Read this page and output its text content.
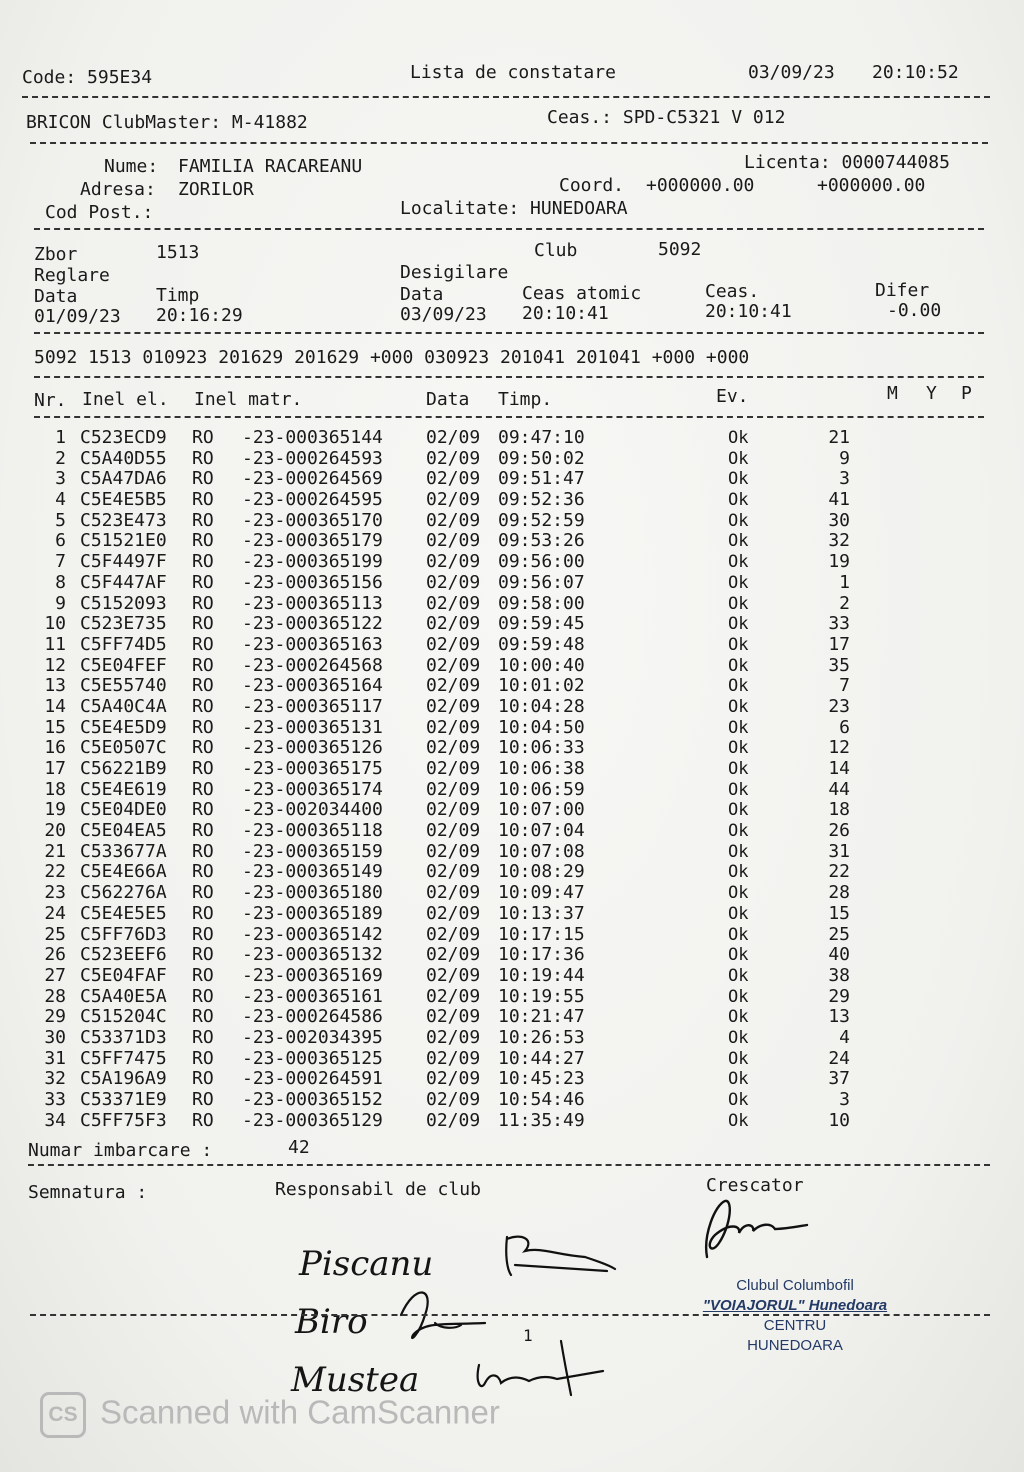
Code: 595E34	Lista de constatare	03/09/23 20:10:52
BRICON ClubMaster: M-41882	Ceas.: SPD-C5321 V 012
Nume: FAMILIA RACAREANU
Adresa: ZORILOR
Cod Post.:
Licenta: 0000744085
Coord. +000000.00	+000000.00
Localitate: HUNEDOARA
Zbor	1513	Club	5092
Reglare	Desigilare
Data	Timp	Data	Ceas atomic	Ceas.	Difer
01/09/23 20:16:29	03/09/23 20:10:41	20:10:41	-0.00
5092 1513 010923 201629 201629 +000 030923 201041 201041 +000 +000
Nr. Inel el. Inel matr.	Data Timp.	Ev.	M Y P
1 C523ECD9 RO -23-000365144 02/09 09:47:10	Ok	21
2 C5A40D55 RO -23-000264593 02/09 09:50:02	Ok	9
3 C5A47DA6 RO -23-000264569 02/09 09:51:47	Ok	3
4 C5E4E5B5 RO -23-000264595 02/09 09:52:36	Ok	41
5 C523E473 RO -23-000365170 02/09 09:52:59	Ok	30
6 C51521E0 RO -23-000365179 02/09 09:53:26	Ok	32
7 C5F4497F RO -23-000365199 02/09 09:56:00	Ok	19
8 C5F447AF RO -23-000365156 02/09 09:56:07	Ok	1
9 C5152093 RO -23-000365113 02/09 09:58:00	Ok	2
10 C523E735 RO -23-000365122 02/09 09:59:45	Ok	33
11 C5FF74D5 RO -23-000365163 02/09 09:59:48	Ok	17
12 C5E04FEF RO -23-000264568 02/09 10:00:40	Ok	35
13 C5E55740 RO -23-000365164 02/09 10:01:02	Ok	7
14 C5A40C4A RO -23-000365117 02/09 10:04:28	Ok	23
15 C5E4E5D9 RO -23-000365131 02/09 10:04:50	Ok	6
16 C5E0507C RO -23-000365126 02/09 10:06:33	Ok	12
17 C56221B9 RO -23-000365175 02/09 10:06:38	Ok	14
18 C5E4E619 RO -23-000365174 02/09 10:06:59	Ok	44
19 C5E04DE0 RO -23-002034400 02/09 10:07:00	Ok	18
20 C5E04EA5 RO -23-000365118 02/09 10:07:04	Ok	26
21 C533677A RO -23-000365159 02/09 10:07:08	Ok	31
22 C5E4E66A RO -23-000365149 02/09 10:08:29	Ok	22
23 C562276A RO -23-000365180 02/09 10:09:47	Ok	28
24 C5E4E5E5 RO -23-000365189 02/09 10:13:37	Ok	15
25 C5FF76D3 RO -23-000365142 02/09 10:17:15	Ok	25
26 C523EEF6 RO -23-000365132 02/09 10:17:36	Ok	40
27 C5E04FAF RO -23-000365169 02/09 10:19:44	Ok	38
28 C5A40E5A RO -23-000365161 02/09 10:19:55	Ok	29
29 C515204C RO -23-000264586 02/09 10:21:47	Ok	13
30 C53371D3 RO -23-002034395 02/09 10:26:53	Ok	4
31 C5FF7475 RO -23-000365125 02/09 10:44:27	Ok	24
32 C5A196A9 RO -23-000264591 02/09 10:45:23	Ok	37
33 C53371E9 RO -23-000365152 02/09 10:54:46	Ok	3
34 C5FF75F3 RO -23-000365129 02/09 11:35:49	Ok	10
Numar imbarcare :	42
Semnatura :	Responsabil de club	Crescator
Piscanu
Biro
Mustea
1
Clubul Columbofil
"VOIAJORUL" Hunedoara
CENTRU
HUNEDOARA
CS Scanned with CamScanner
